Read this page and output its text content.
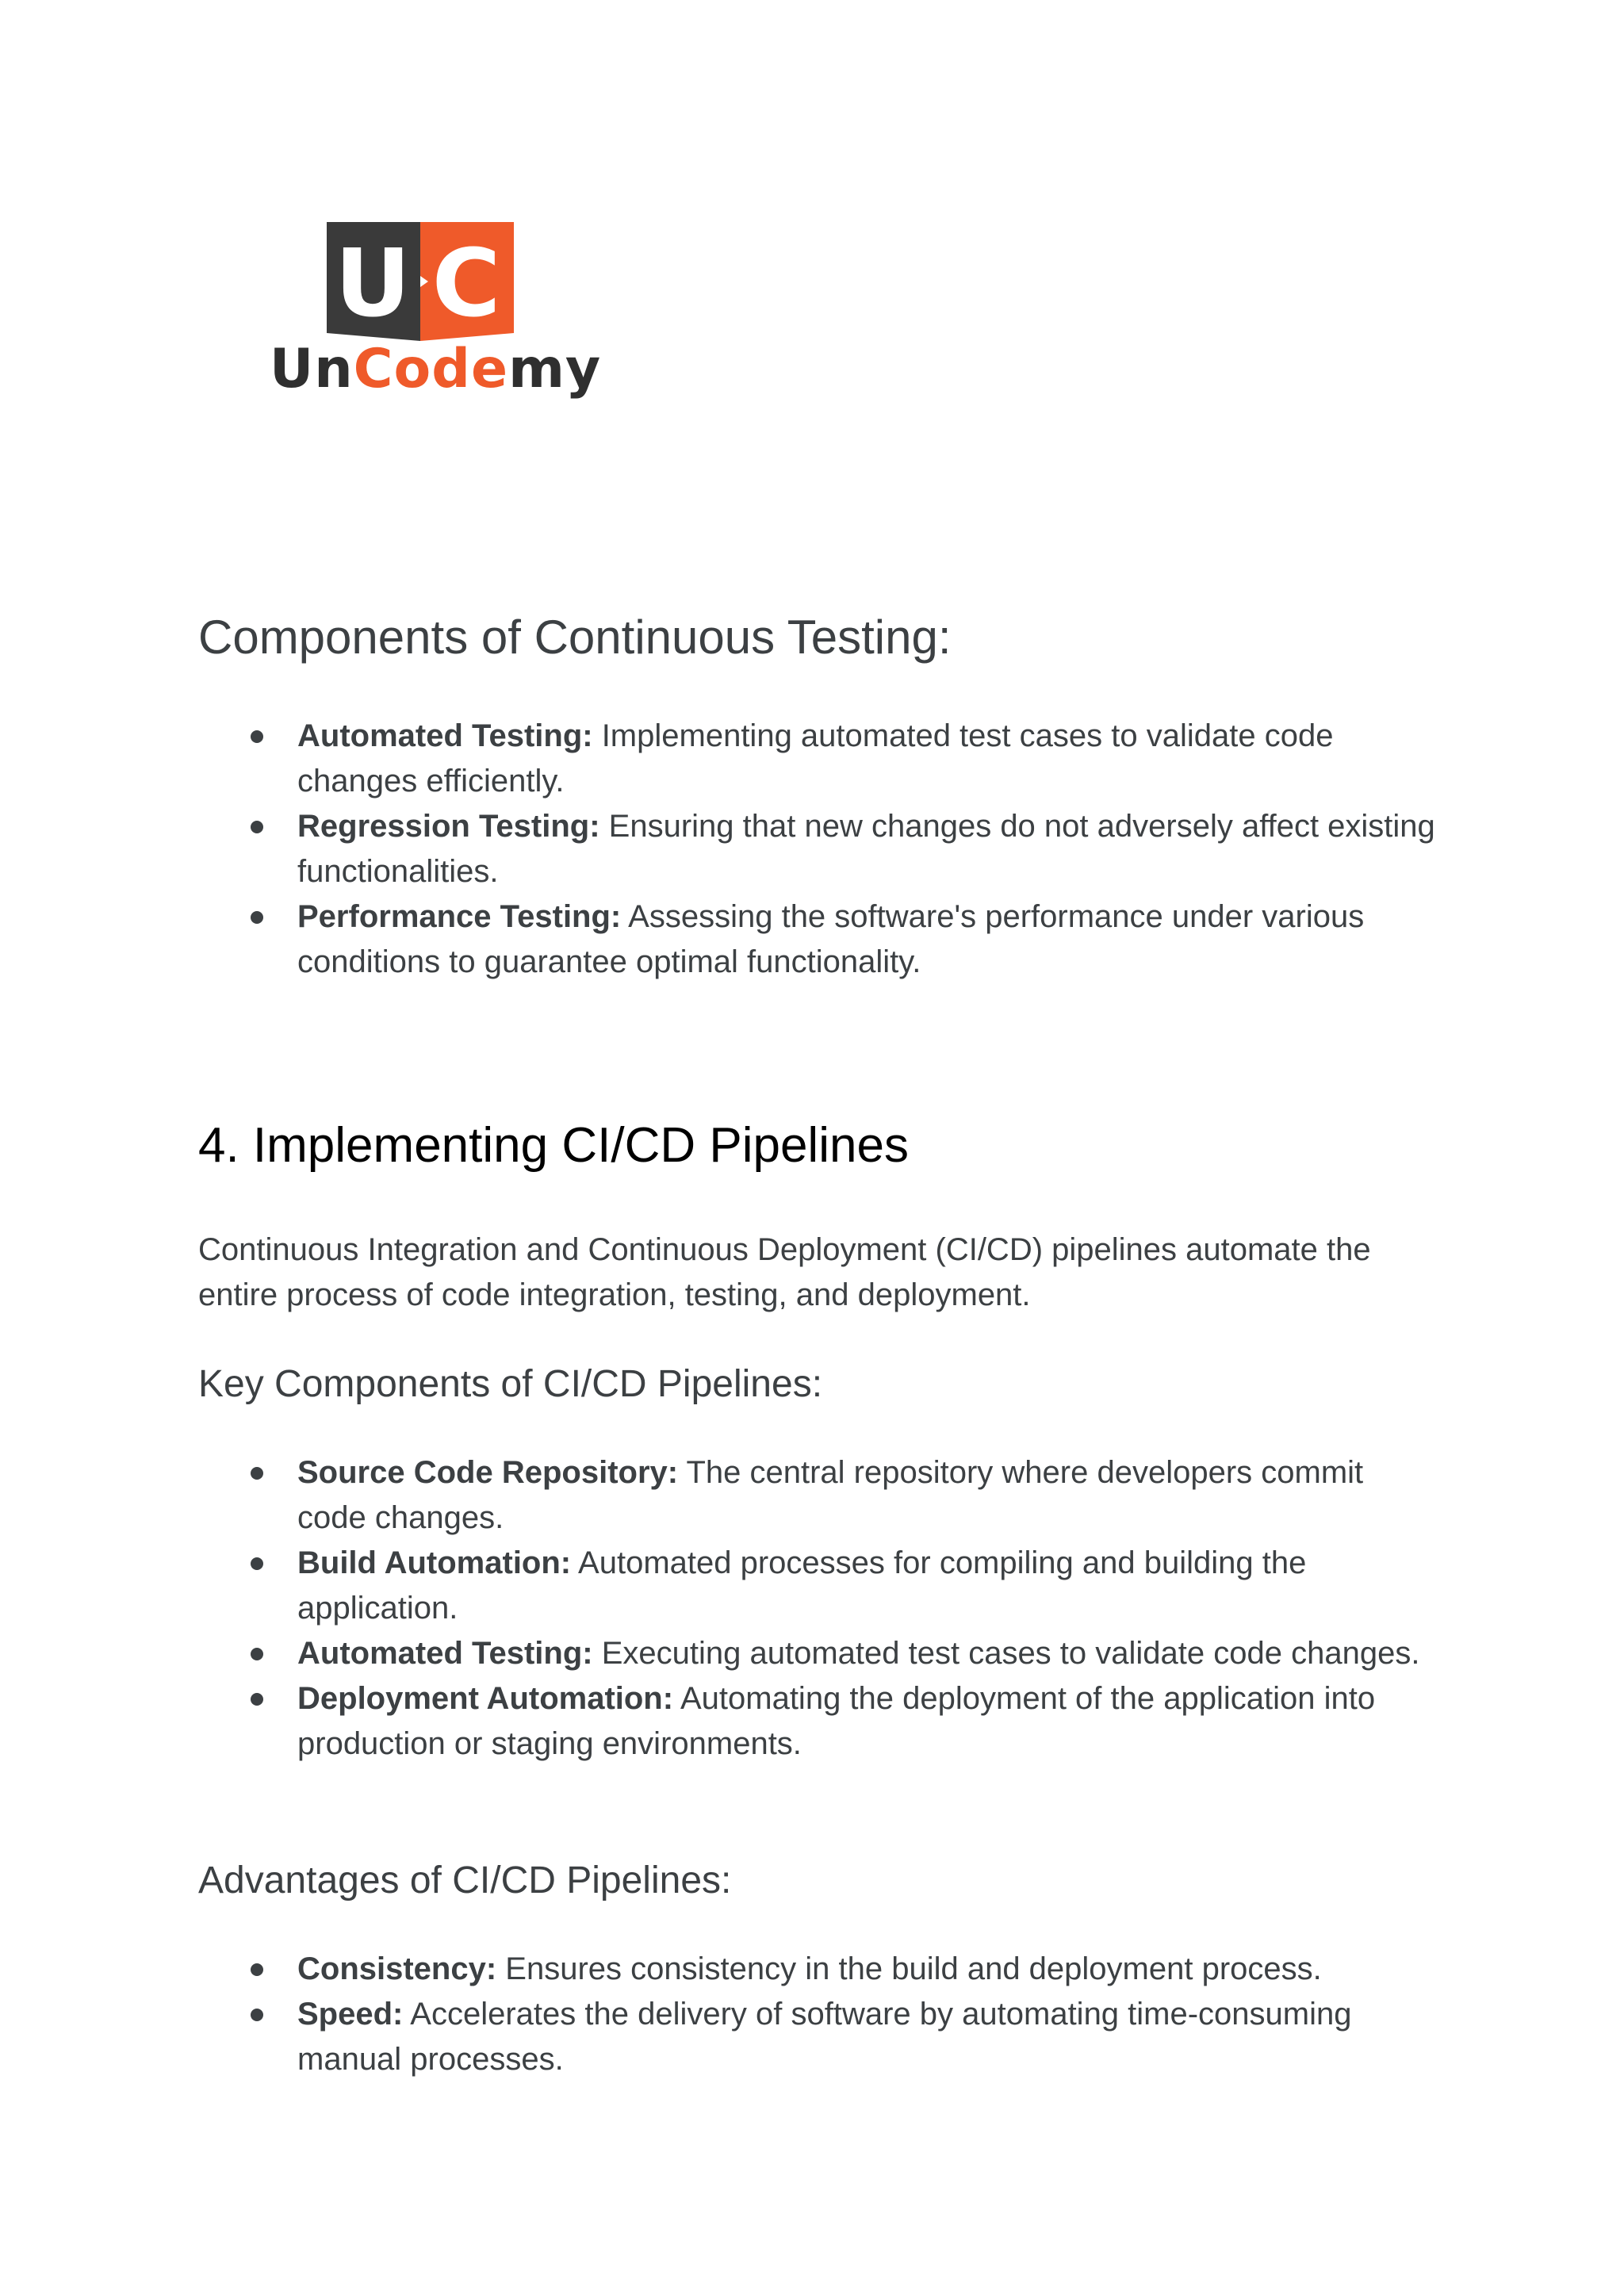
U C
UnCodemy
Components of Continuous Testing:
Automated Testing: Implementing automated test cases to validate code changes efficiently.
Regression Testing: Ensuring that new changes do not adversely affect existing functionalities.
Performance Testing: Assessing the software's performance under various conditions to guarantee optimal functionality.
4. Implementing CI/CD Pipelines

Continuous Integration and Continuous Deployment (CI/CD) pipelines automate the entire process of code integration, testing, and deployment.

Key Components of CI/CD Pipelines:
Source Code Repository: The central repository where developers commit code changes.
Build Automation: Automated processes for compiling and building the application.
Automated Testing: Executing automated test cases to validate code changes.
Deployment Automation: Automating the deployment of the application into production or staging environments.
Advantages of CI/CD Pipelines:
Consistency: Ensures consistency in the build and deployment process.
Speed: Accelerates the delivery of software by automating time-consuming manual processes.
